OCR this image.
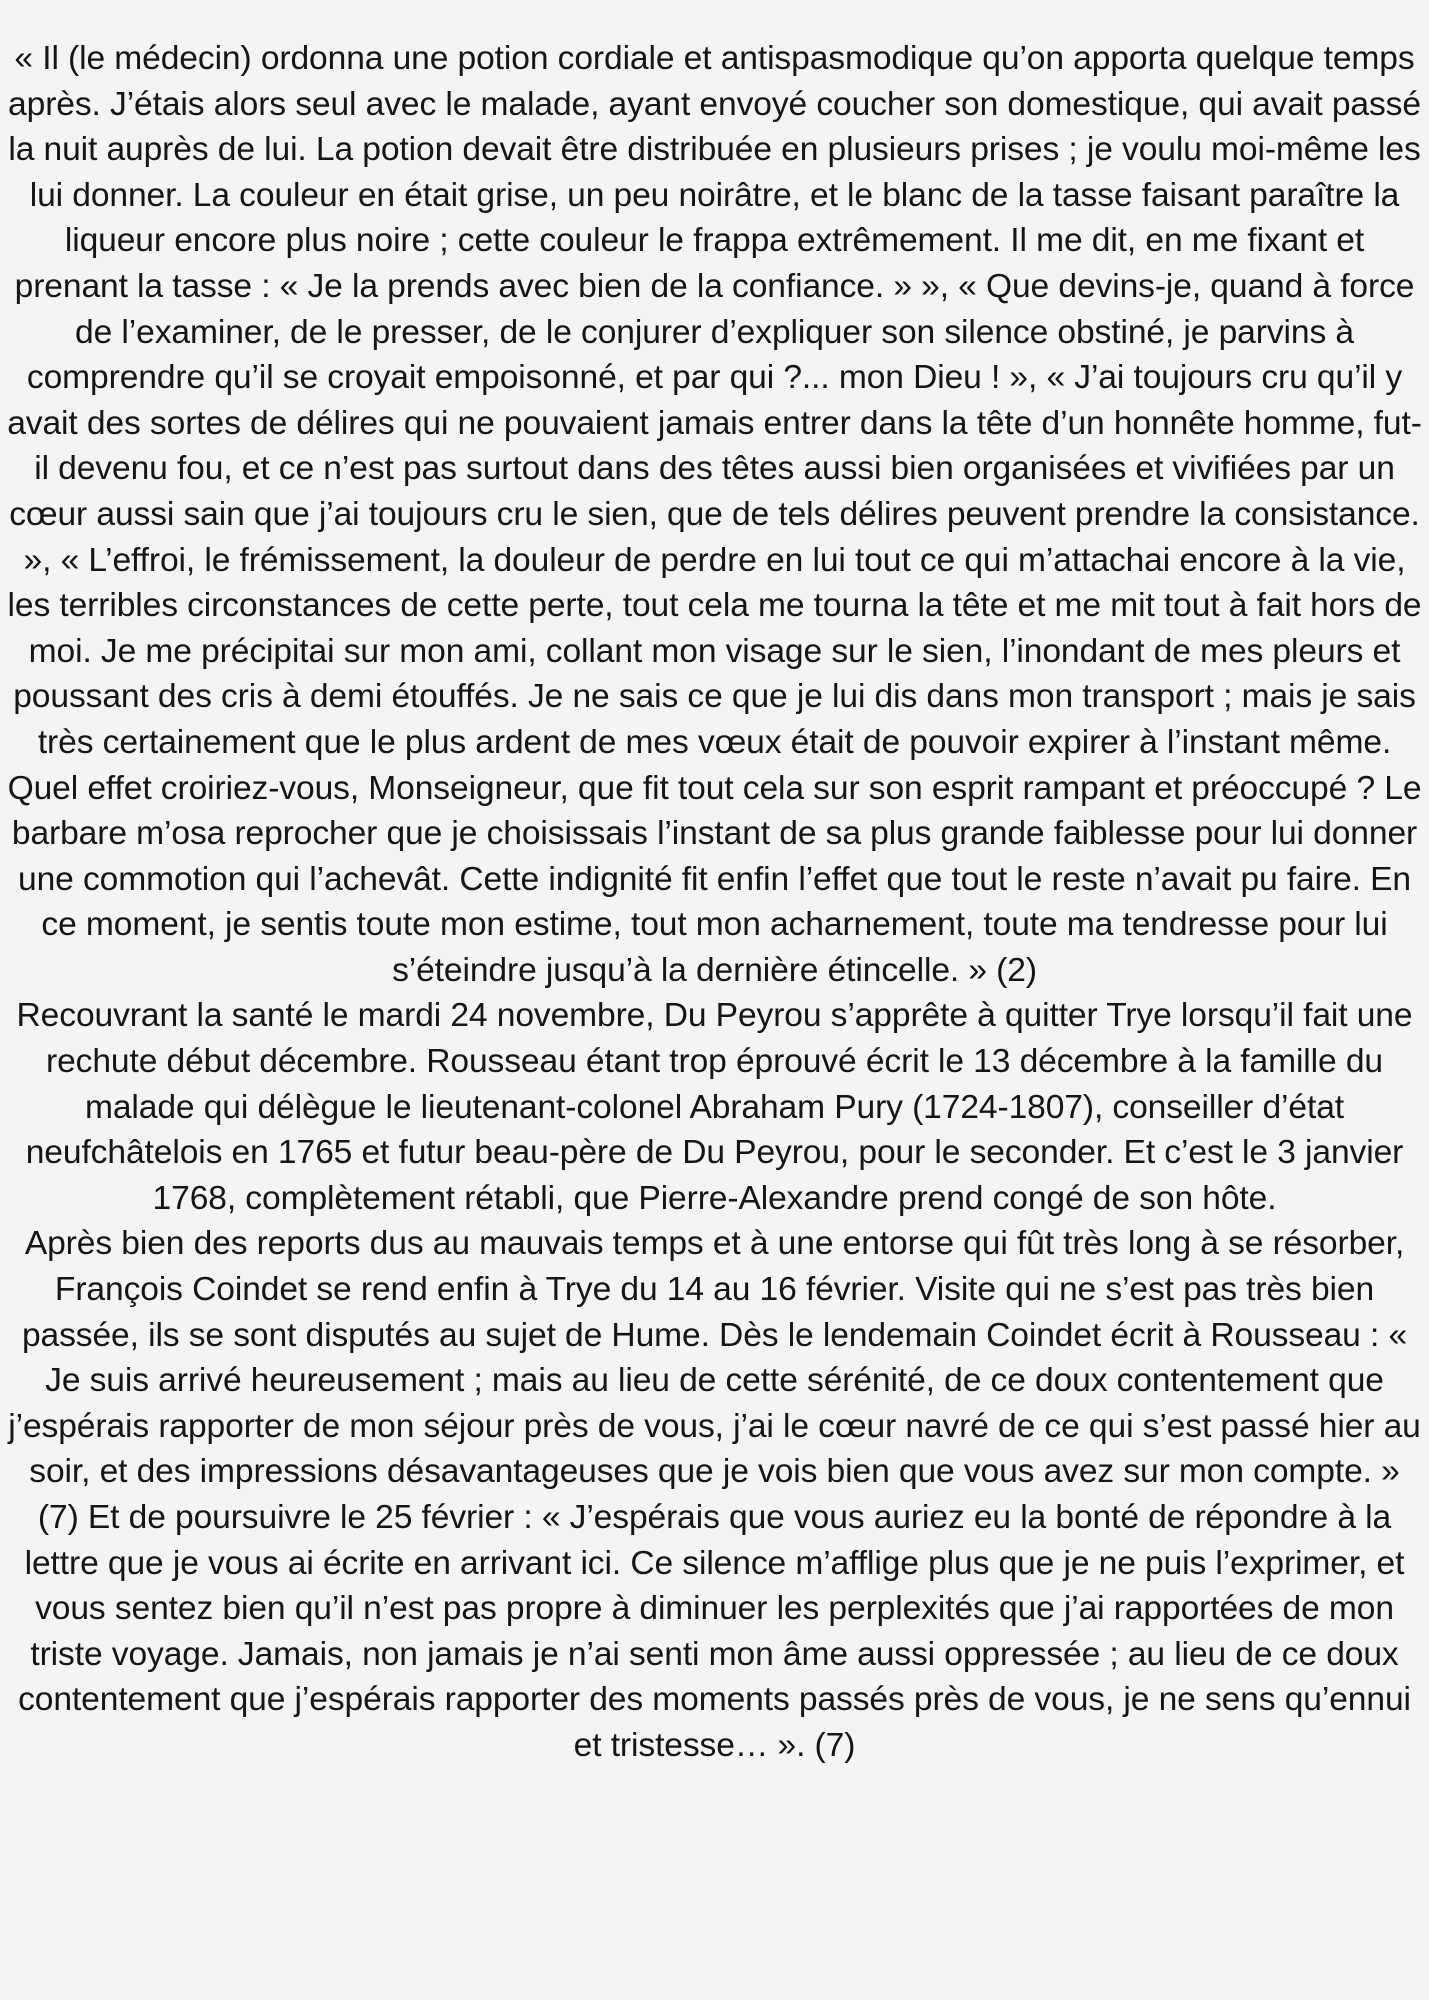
« Il (le médecin) ordonna une potion cordiale et antispasmodique qu’on apporta quelque temps après. J’étais alors seul avec le malade, ayant envoyé coucher son domestique, qui avait passé la nuit auprès de lui. La potion devait être distribuée en plusieurs prises ; je voulu moi-même les lui donner. La couleur en était grise, un peu noirâtre, et le blanc de la tasse faisant paraître la liqueur encore plus noire ; cette couleur le frappa extrêmement. Il me dit, en me fixant et prenant la tasse : « Je la prends avec bien de la confiance. » », « Que devins-je, quand à force de l’examiner, de le presser, de le conjurer d’expliquer son silence obstiné, je parvins à comprendre qu’il se croyait empoisonné, et par qui ?... mon Dieu ! », « J’ai toujours cru qu’il y avait des sortes de délires qui ne pouvaient jamais entrer dans la tête d’un honnête homme, fut-il devenu fou, et ce n’est pas surtout dans des têtes aussi bien organisées et vivifiées par un cœur aussi sain que j’ai toujours cru le sien, que de tels délires peuvent prendre la consistance. », « L’effroi, le frémissement, la douleur de perdre en lui tout ce qui m’attachai encore à la vie, les terribles circonstances de cette perte, tout cela me tourna la tête et me mit tout à fait hors de moi. Je me précipitai sur mon ami, collant mon visage sur le sien, l’inondant de mes pleurs et poussant des cris à demi étouffés. Je ne sais ce que je lui dis dans mon transport ; mais je sais très certainement que le plus ardent de mes vœux était de pouvoir expirer à l’instant même. Quel effet croiriez-vous, Monseigneur, que fit tout cela sur son esprit rampant et préoccupé ? Le barbare m’osa reprocher que je choisissais l’instant de sa plus grande faiblesse pour lui donner une commotion qui l’achevât. Cette indignité fit enfin l’effet que tout le reste n’avait pu faire. En ce moment, je sentis toute mon estime, tout mon acharnement, toute ma tendresse pour lui s’éteindre jusqu’à la dernière étincelle. » (2)

Recouvrant la santé le mardi 24 novembre, Du Peyrou s’apprête à quitter Trye lorsqu’il fait une rechute début décembre. Rousseau étant trop éprouvé écrit le 13 décembre à la famille du malade qui délègue le lieutenant-colonel Abraham Pury (1724-1807), conseiller d’état neufchâtelois en 1765 et futur beau-père de Du Peyrou, pour le seconder. Et c’est le 3 janvier 1768, complètement rétabli, que Pierre-Alexandre prend congé de son hôte.

Après bien des reports dus au mauvais temps et à une entorse qui fût très long à se résorber, François Coindet se rend enfin à Trye du 14 au 16 février. Visite qui ne s’est pas très bien passée, ils se sont disputés au sujet de Hume. Dès le lendemain Coindet écrit à Rousseau : « Je suis arrivé heureusement ; mais au lieu de cette sérénité, de ce doux contentement que j’espérais rapporter de mon séjour près de vous, j’ai le cœur navré de ce qui s’est passé hier au soir, et des impressions désavantageuses que je vois bien que vous avez sur mon compte. » (7) Et de poursuivre le 25 février : « J’espérais que vous auriez eu la bonté de répondre à la lettre que je vous ai écrite en arrivant ici. Ce silence m’afflige plus que je ne puis l’exprimer, et vous sentez bien qu’il n’est pas propre à diminuer les perplexités que j’ai rapportées de mon triste voyage. Jamais, non jamais je n’ai senti mon âme aussi oppressée ; au lieu de ce doux contentement que j’espérais rapporter des moments passés près de vous, je ne sens qu’ennui et tristesse… ». (7)
